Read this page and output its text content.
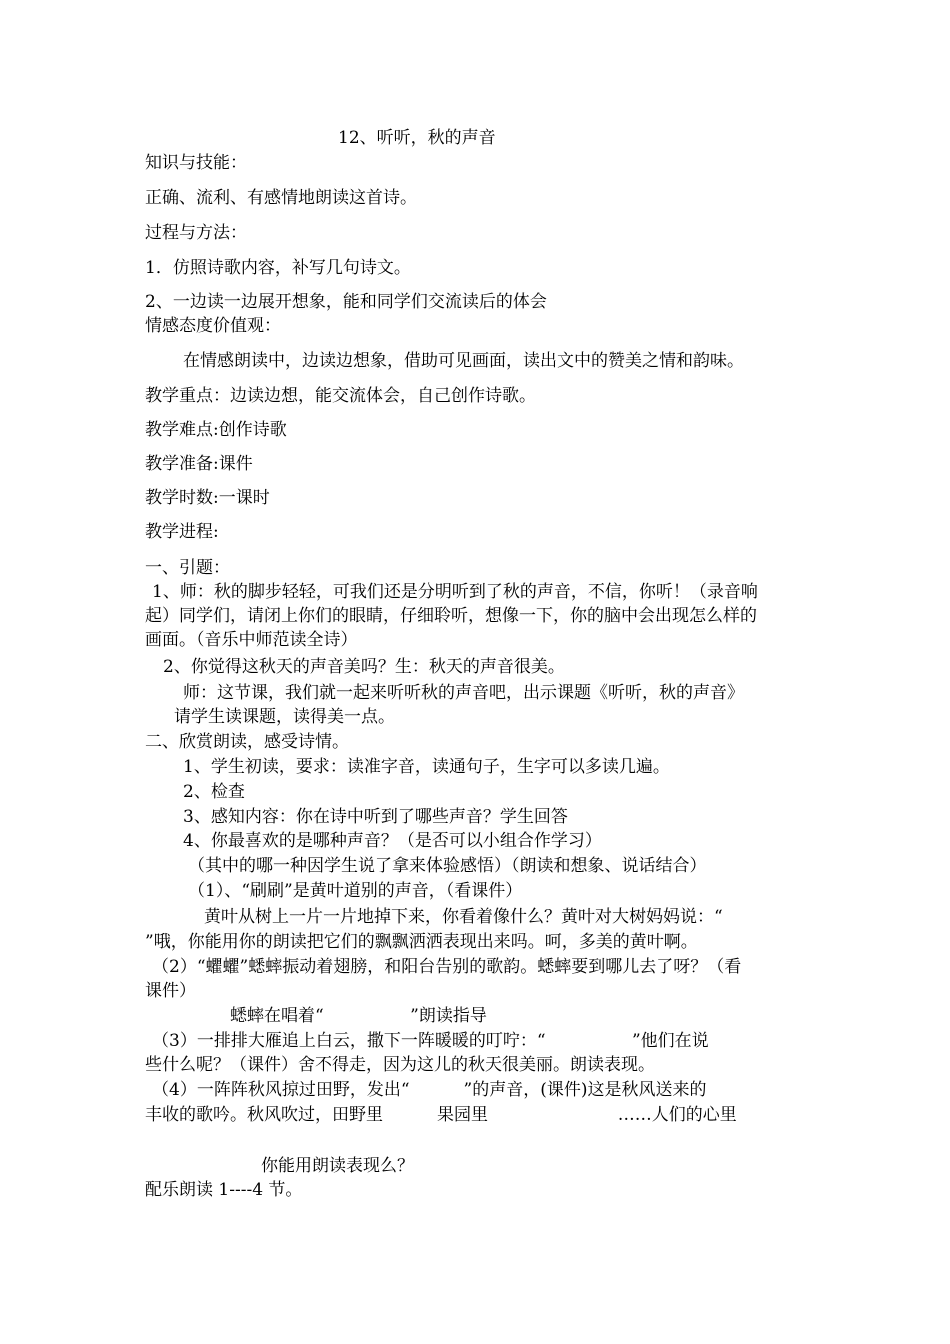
12、听听，秋的声音
知识与技能：
正确、流利、有感情地朗读这首诗。
过程与方法：
1．仿照诗歌内容，补写几句诗文。
2、一边读一边展开想象，能和同学们交流读后的体会
情感态度价值观：
在情感朗读中，边读边想象，借助可见画面，读出文中的赞美之情和韵味。
教学重点：边读边想，能交流体会，自己创作诗歌。
教学难点:创作诗歌
教学准备:课件
教学时数:一课时
教学进程:
一、引题：
1、师：秋的脚步轻轻，可我们还是分明听到了秋的声音，不信，你听！（录音响
起）同学们，请闭上你们的眼睛，仔细聆听，想像一下，你的脑中会出现怎么样的
画面。（音乐中师范读全诗）
2、你觉得这秋天的声音美吗？生：秋天的声音很美。
师：这节课，我们就一起来听听秋的声音吧，出示课题《听听，秋的声音》
请学生读课题，读得美一点。
二、欣赏朗读，感受诗情。
1、学生初读，要求：读准字音，读通句子，生字可以多读几遍。
2、检查
3、感知内容：你在诗中听到了哪些声音？学生回答
4、你最喜欢的是哪种声音？（是否可以小组合作学习）
（其中的哪一种因学生说了拿来体验感悟）（朗读和想象、说话结合）
（1）、“刷刷”是黄叶道别的声音，（看课件）
黄叶从树上一片一片地掉下来，你看着像什么？黄叶对大树妈妈说：“
”哦，你能用你的朗读把它们的飘飘洒洒表现出来吗。呵，多美的黄叶啊。
（2）“蠷蠷”蟋蟀振动着翅膀，和阳台告别的歌韵。蟋蟀要到哪儿去了呀？（看
课件）
蟋蟀在唱着“                ”朗读指导
（3）一排排大雁追上白云，撒下一阵暖暖的叮咛：“                ”他们在说
些什么呢？（课件）舍不得走，因为这儿的秋天很美丽。朗读表现。
（4）一阵阵秋风掠过田野，发出“          ”的声音，(课件)这是秋风送来的
丰收的歌吟。秋风吹过，田野里          果园里                        ……人们的心里
你能用朗读表现么？
配乐朗读 1----4 节。
